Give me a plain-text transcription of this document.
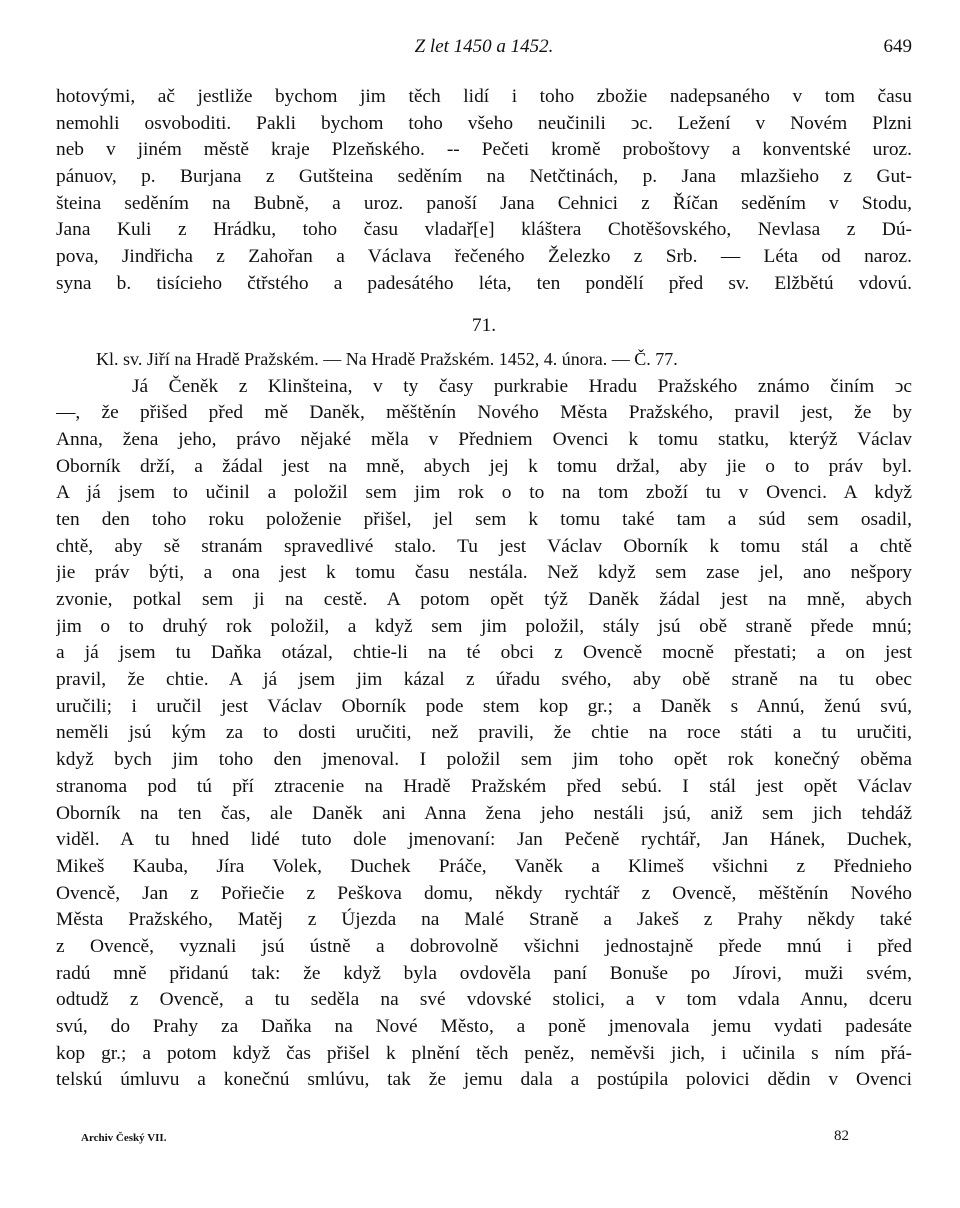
Z let 1450 a 1452.	649
hotovými, ač jestliže bychom jim těch lidí i toho zbožie nadepsaného v tom času
nemohli osvoboditi. Pakli bychom toho všeho neučinili ͻc. Ležení v Novém Plzni
neb v jiném městě kraje Plzeňského. -- Pečeti kromě proboštovy a konventské uroz.
pánuov, p. Burjana z Gutšteina seděním na Netčtinách, p. Jana mlazšieho z Gut-
šteina seděním na Bubně, a uroz. panoší Jana Cehnici z Říčan seděním v Stodu,
Jana Kuli z Hrádku, toho času vladař[e] kláštera Chotěšovského, Nevlasa z Dú-
pova, Jindřicha z Zahořan a Václava řečeného Železko z Srb. — Léta od naroz.
syna b. tisícieho čtřstého a padesátého léta, ten pondělí před sv. Elžbětú vdovú.
71.
Kl. sv. Jiří na Hradě Pražském. — Na Hradě Pražském. 1452, 4. února. — Č. 77.
Já Čeněk z Klinšteina, v ty časy purkrabie Hradu Pražského známo činím ͻc
—, že přišed před mě Daněk, měštěnín Nového Města Pražského, pravil jest, že by
Anna, žena jeho, právo nějaké měla v Předniem Ovenci k tomu statku, kterýž Václav
Oborník drží, a žádal jest na mně, abych jej k tomu držal, aby jie o to práv byl.
A já jsem to učinil a položil sem jim rok o to na tom zboží tu v Ovenci. A když
ten den toho roku položenie přišel, jel sem k tomu také tam a súd sem osadil,
chtě, aby sě stranám spravedlivé stalo. Tu jest Václav Oborník k tomu stál a chtě
jie práv býti, a ona jest k tomu času nestála. Než když sem zase jel, ano nešpory
zvonie, potkal sem ji na cestě. A potom opět týž Daněk žádal jest na mně, abych
jim o to druhý rok položil, a když sem jim položil, stály jsú obě straně přede mnú;
a já jsem tu Daňka otázal, chtie-li na té obci z Ovencě mocně přestati; a on jest
pravil, že chtie. A já jsem jim kázal z úřadu svého, aby obě straně na tu obec
uručili; i uručil jest Václav Oborník pode stem kop gr.; a Daněk s Annú, ženú svú,
neměli jsú kým za to dosti uručiti, než pravili, že chtie na roce státi a tu uručiti,
když bych jim toho den jmenoval. I položil sem jim toho opět rok konečný oběma
stranoma pod tú pří ztracenie na Hradě Pražském před sebú. I stál jest opět Václav
Oborník na ten čas, ale Daněk ani Anna žena jeho nestáli jsú, aniž sem jich tehdáž
viděl. A tu hned lidé tuto dole jmenovaní: Jan Pečeně rychtář, Jan Hánek, Duchek,
Mikeš Kauba, Jíra Volek, Duchek Práče, Vaněk a Klimeš všichni z Přednieho
Ovencě, Jan z Pořiečie z Peškova domu, někdy rychtář z Ovencě, měštěnín Nového
Města Pražského, Matěj z Újezda na Malé Straně a Jakeš z Prahy někdy také
z Ovencě, vyznali jsú ústně a dobrovolně všichni jednostajně přede mnú i před
radú mně přidanú tak: že když byla ovdověla paní Bonuše po Jírovi, muži svém,
odtudž z Ovencě, a tu seděla na své vdovské stolici, a v tom vdala Annu, dceru
svú, do Prahy za Daňka na Nové Město, a poně jmenovala jemu vydati padesáte
kop gr.; a potom když čas přišel k plnění těch peněz, neměvši jich, i učinila s ním přá-
telskú úmluvu a konečnú smlúvu, tak že jemu dala a postúpila polovici dědin v Ovenci
Archiv Český VII.	82
